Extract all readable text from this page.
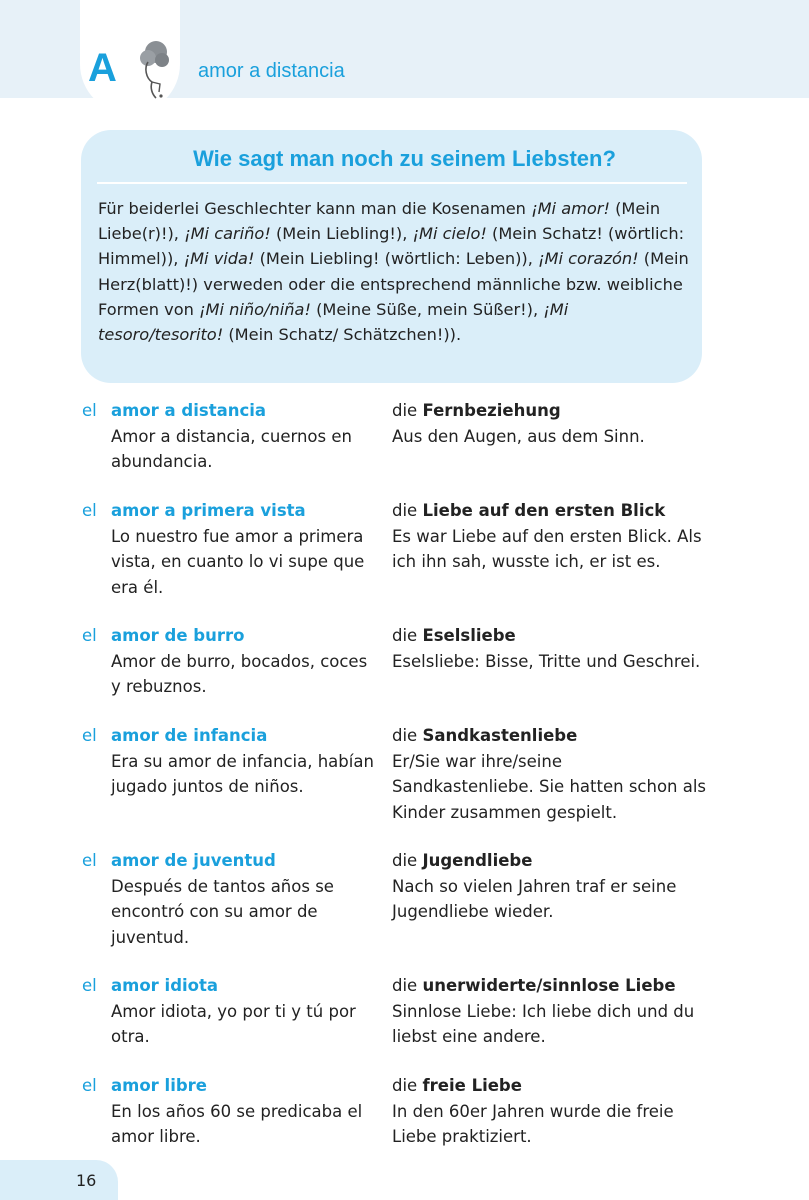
A	amor a distancia
Wie sagt man noch zu seinem Liebsten?
Für beiderlei Geschlechter kann man die Kosenamen ¡Mi amor! (Mein Liebe(r)!), ¡Mi cariño! (Mein Liebling!), ¡Mi cielo! (Mein Schatz! (wörtlich: Himmel)), ¡Mi vida! (Mein Liebling! (wörtlich: Leben)), ¡Mi corazón! (Mein Herz(blatt)!) verweden oder die entsprechend männliche bzw. weibliche Formen von ¡Mi niño/niña! (Meine Süße, mein Süßer!), ¡Mi tesoro/tesorito! (Mein Schatz/ Schätzchen!)).
el amor a distancia
Amor a distancia, cuernos en abundancia.
die Fernbeziehung
Aus den Augen, aus dem Sinn.
el amor a primera vista
Lo nuestro fue amor a primera vista, en cuanto lo vi supe que era él.
die Liebe auf den ersten Blick
Es war Liebe auf den ersten Blick. Als ich ihn sah, wusste ich, er ist es.
el amor de burro
Amor de burro, bocados, coces y rebuznos.
die Eselsliebe
Eselsliebe: Bisse, Tritte und Geschrei.
el amor de infancia
Era su amor de infancia, habían jugado juntos de niños.
die Sandkastenliebe
Er/Sie war ihre/seine Sandkastenliebe. Sie hatten schon als Kinder zusammen gespielt.
el amor de juventud
Después de tantos años se encontró con su amor de juventud.
die Jugendliebe
Nach so vielen Jahren traf er seine Jugendliebe wieder.
el amor idiota
Amor idiota, yo por ti y tú por otra.
die unerwiderte/sinnlose Liebe
Sinnlose Liebe: Ich liebe dich und du liebst eine andere.
el amor libre
En los años 60 se predicaba el amor libre.
die freie Liebe
In den 60er Jahren wurde die freie Liebe praktiziert.
16
